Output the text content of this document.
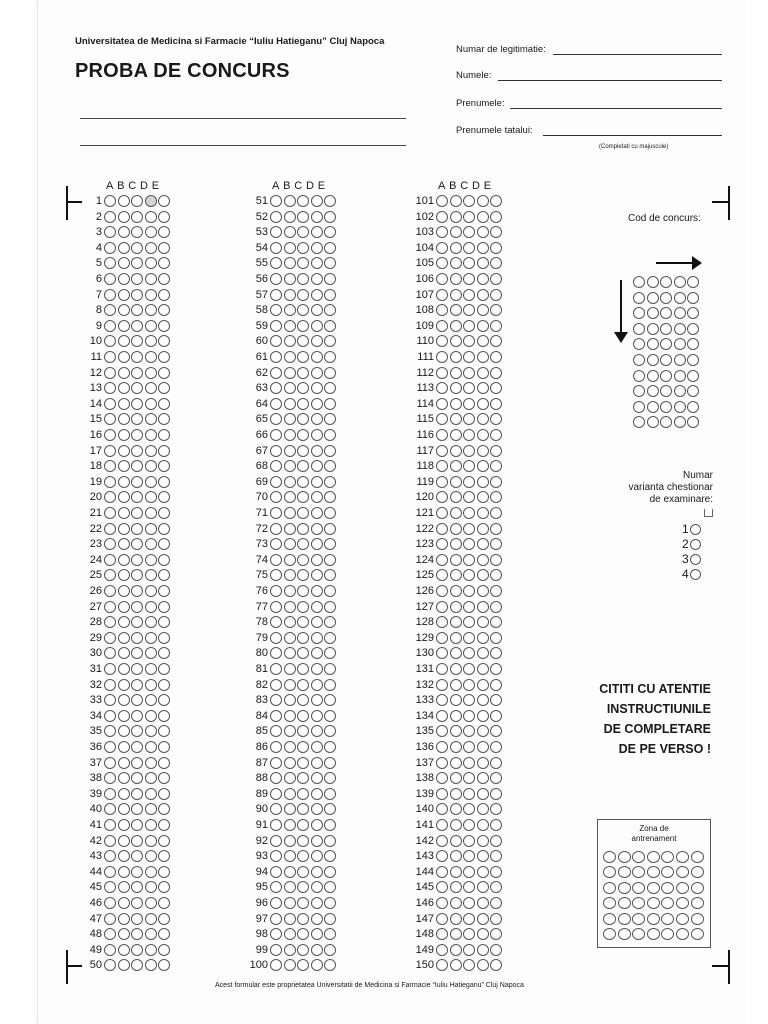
Universitatea de Medicina si Farmacie “Iuliu Hatieganu” Cluj Napoca
PROBA DE CONCURS
Numar de legitimatie:
Numele:
Prenumele:
Prenumele tatalui:
(Completati cu majuscule)
ABCDE
1
2
3
4
5
6
7
8
9
10
11
12
13
14
15
16
17
18
19
20
21
22
23
24
25
26
27
28
29
30
31
32
33
34
35
36
37
38
39
40
41
42
43
44
45
46
47
48
49
50
ABCDE
51
52
53
54
55
56
57
58
59
60
61
62
63
64
65
66
67
68
69
70
71
72
73
74
75
76
77
78
79
80
81
82
83
84
85
86
87
88
89
90
91
92
93
94
95
96
97
98
99
100
ABCDE
101
102
103
104
105
106
107
108
109
110
111
112
113
114
115
116
117
118
119
120
121
122
123
124
125
126
127
128
129
130
131
132
133
134
135
136
137
138
139
140
141
142
143
144
145
146
147
148
149
150
Cod de concurs:
Numar
varianta chestionar
de examinare:
1
2
3
4
CITITI CU ATENTIE
INSTRUCTIUNILE
DE COMPLETARE
DE PE VERSO !
Zona de
antrenament
Acest formular este proprietatea Universitatii de Medicina si Farmacie “Iuliu Hatieganu” Cluj Napoca
